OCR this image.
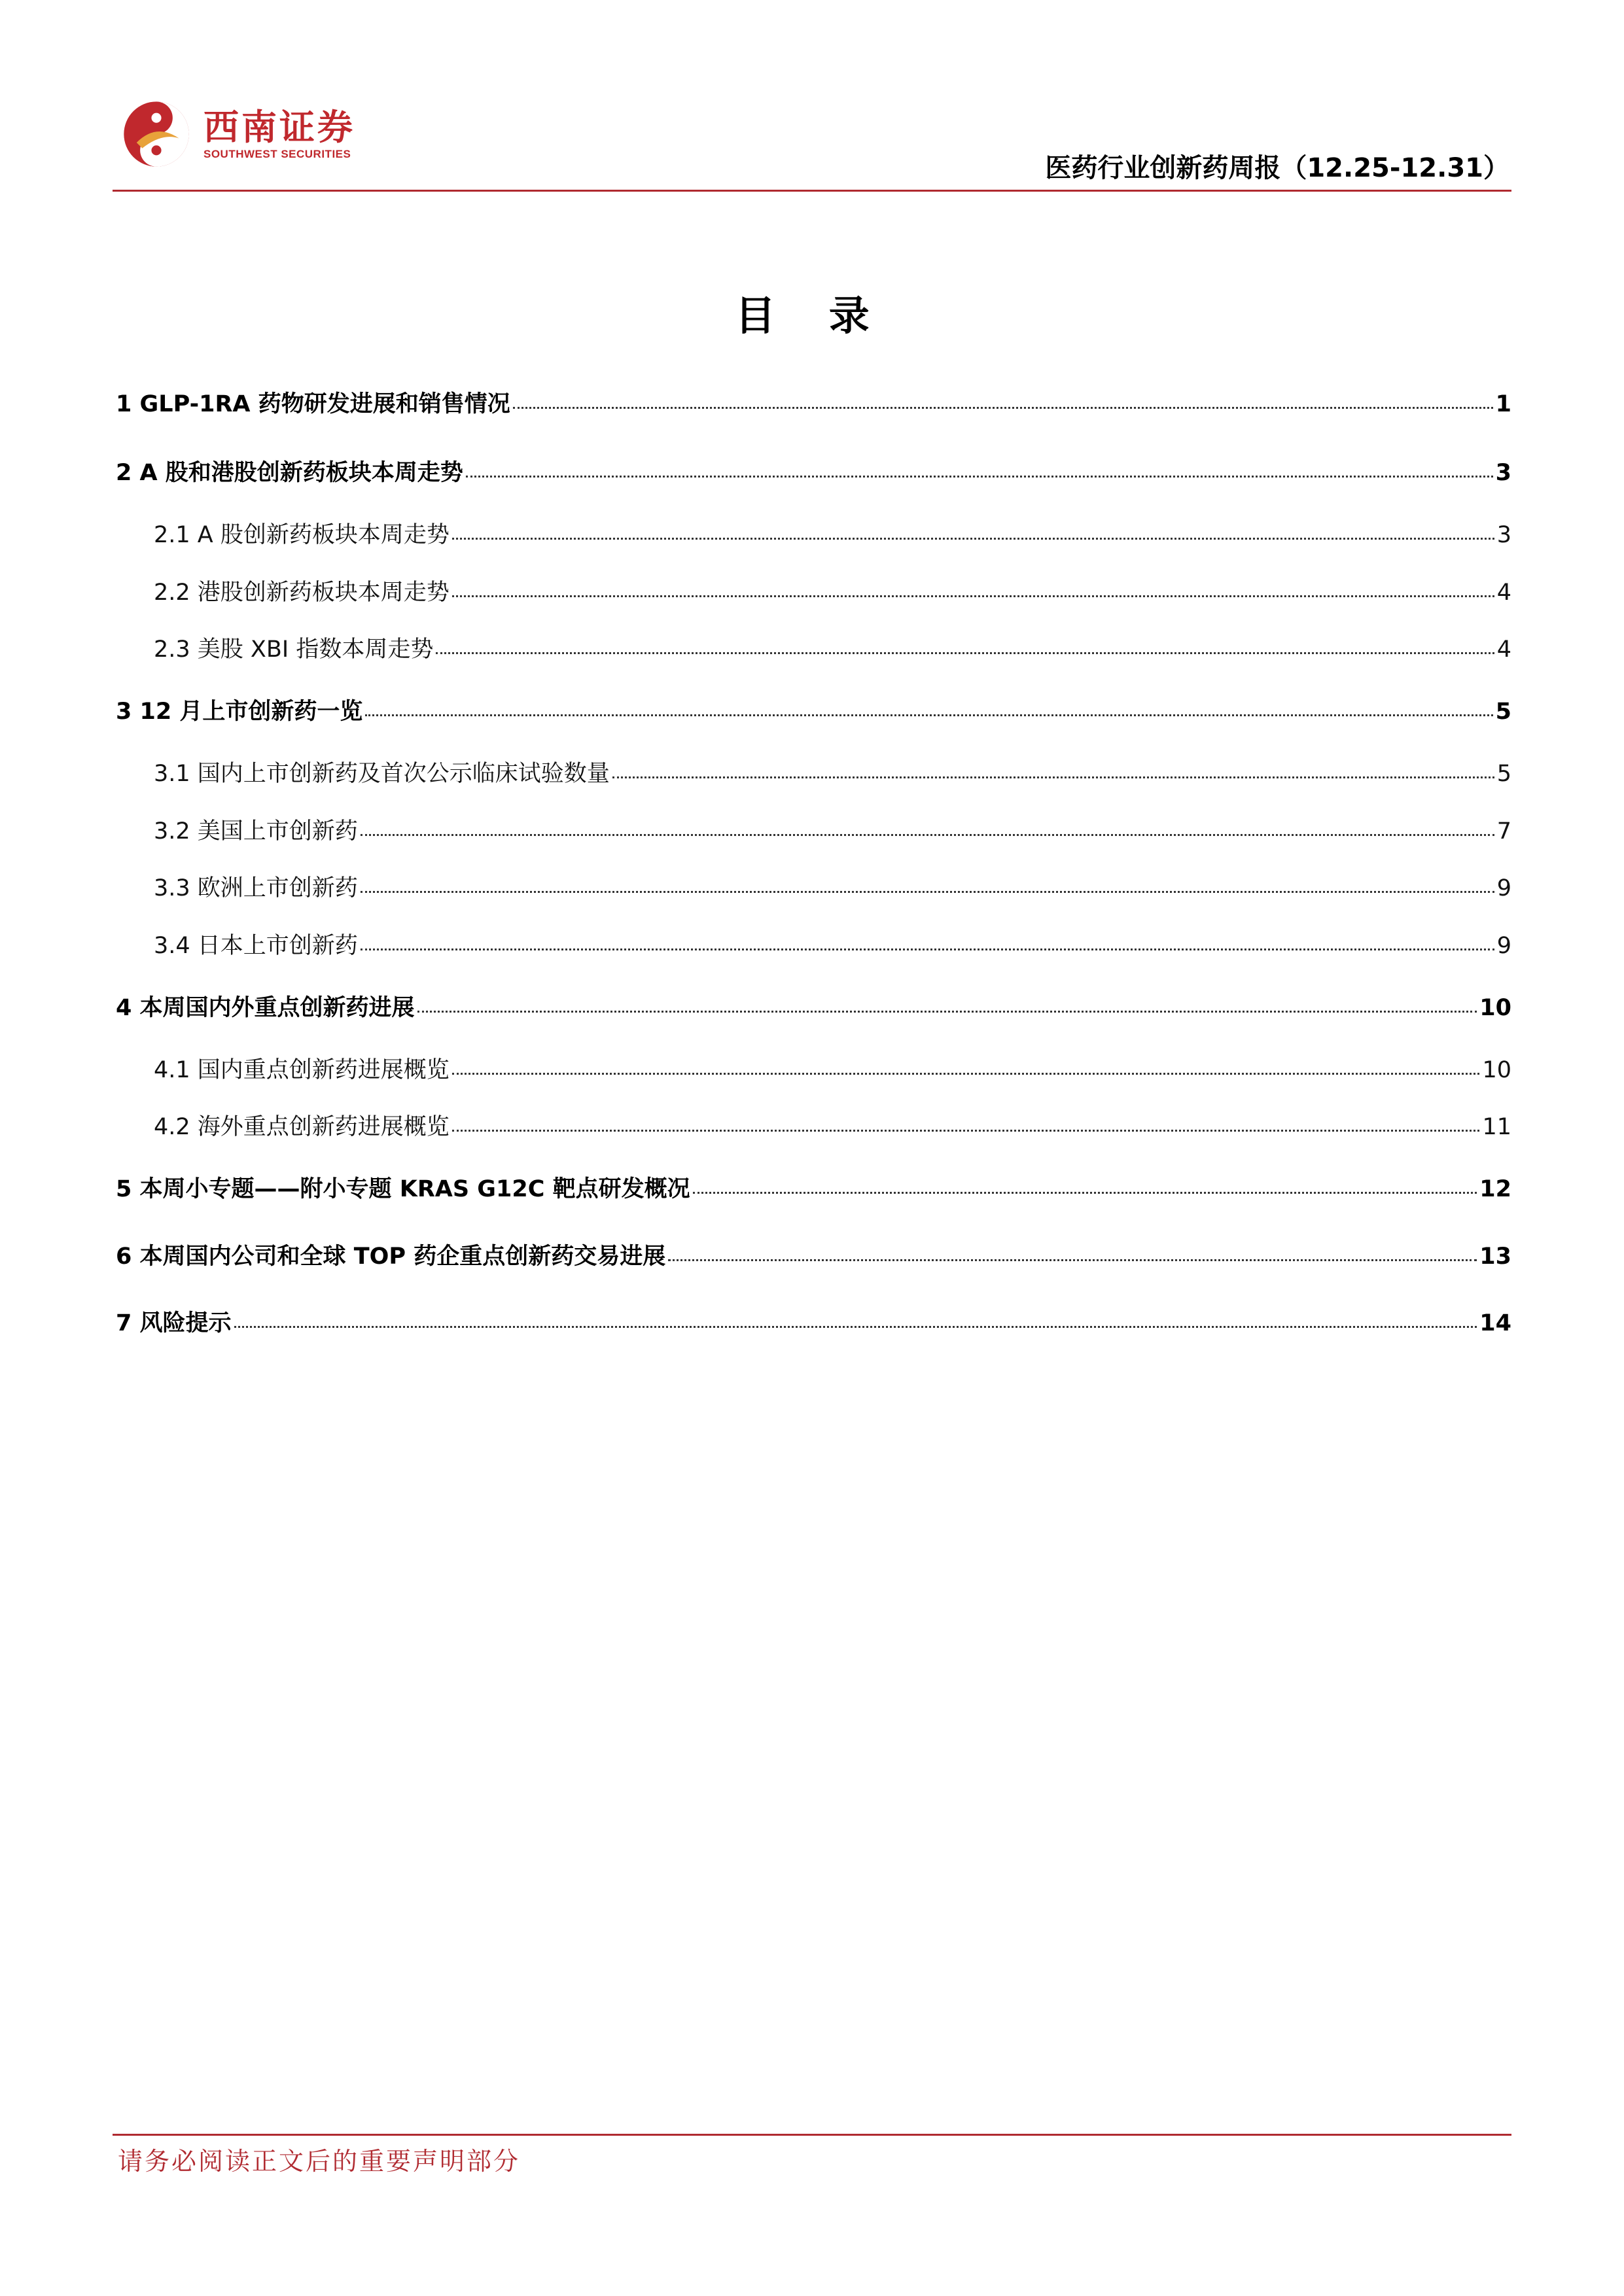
西南证券
SOUTHWEST SECURITIES	医药行业创新药周报（12.25-12.31）
目 录
1 GLP-1RA 药物研发进展和销售情况	1
2 A 股和港股创新药板块本周走势	3
2.1 A 股创新药板块本周走势	3
2.2 港股创新药板块本周走势	4
2.3 美股 XBI 指数本周走势	4
3 12 月上市创新药一览	5
3.1 国内上市创新药及首次公示临床试验数量	5
3.2 美国上市创新药	7
3.3 欧洲上市创新药	9
3.4 日本上市创新药	9
4 本周国内外重点创新药进展	10
4.1 国内重点创新药进展概览	10
4.2 海外重点创新药进展概览	11
5 本周小专题——附小专题 KRAS G12C 靶点研发概况	12
6 本周国内公司和全球 TOP 药企重点创新药交易进展	13
7 风险提示	14
请务必阅读正文后的重要声明部分
